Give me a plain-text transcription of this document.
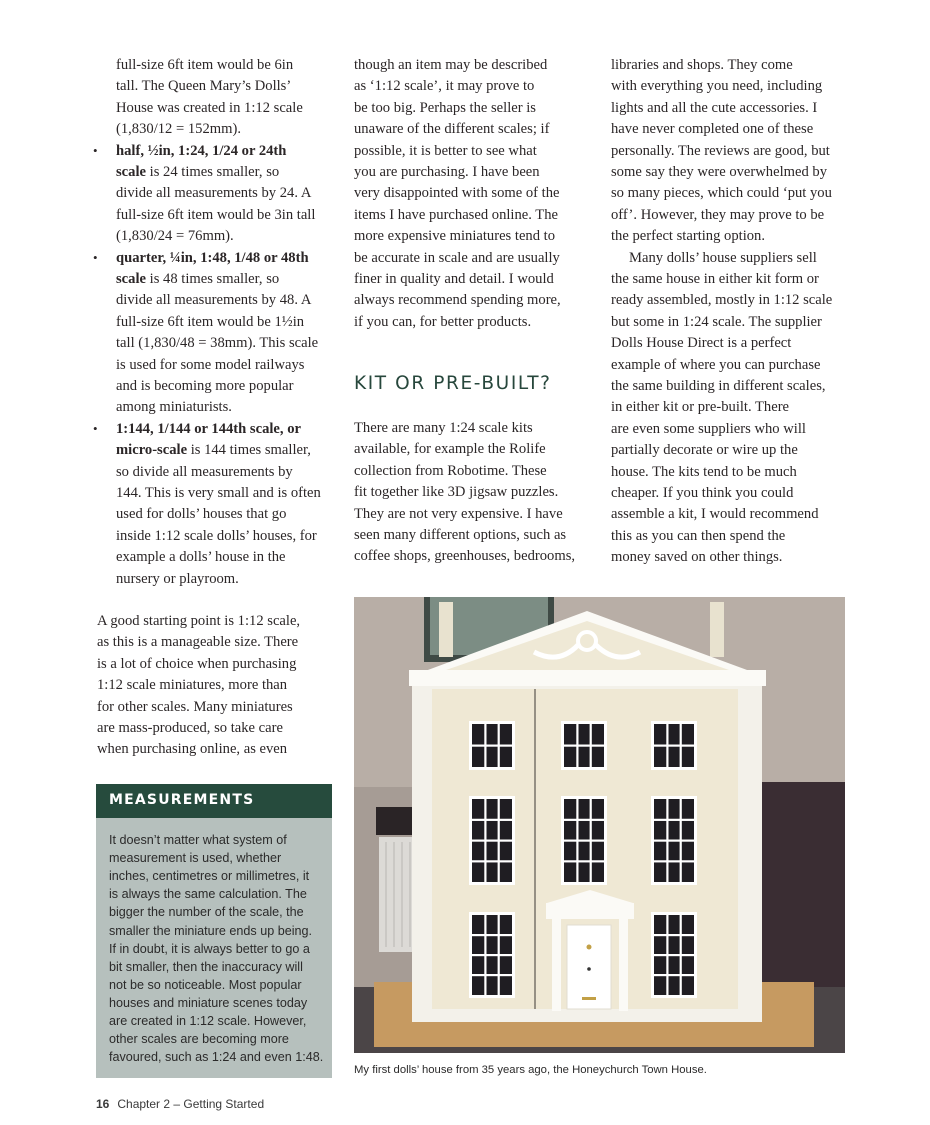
full-size 6ft item would be 6in
tall. The Queen Mary’s Dolls’
House was created in 1:12 scale
(1,830/12 = 152mm).
• half, ½in, 1:24, 1/24 or 24th
scale is 24 times smaller, so
divide all measurements by 24. A
full-size 6ft item would be 3in tall
(1,830/24 = 76mm).
• quarter, ¼in, 1:48, 1/48 or 48th
scale is 48 times smaller, so
divide all measurements by 48. A
full-size 6ft item would be 1½in
tall (1,830/48 = 38mm). This scale
is used for some model railways
and is becoming more popular
among miniaturists.
• 1:144, 1/144 or 144th scale, or
micro-scale is 144 times smaller,
so divide all measurements by
144. This is very small and is often
used for dolls’ houses that go
inside 1:12 scale dolls’ houses, for
example a dolls’ house in the
nursery or playroom.
A good starting point is 1:12 scale,
as this is a manageable size. There
is a lot of choice when purchasing
1:12 scale miniatures, more than
for other scales. Many miniatures
are mass-produced, so take care
when purchasing online, as even
though an item may be described
as ‘1:12 scale’, it may prove to
be too big. Perhaps the seller is
unaware of the different scales; if
possible, it is better to see what
you are purchasing. I have been
very disappointed with some of the
items I have purchased online. The
more expensive miniatures tend to
be accurate in scale and are usually
finer in quality and detail. I would
always recommend spending more,
if you can, for better products.
There are many 1:24 scale kits
available, for example the Rolife
collection from Robotime. These
fit together like 3D jigsaw puzzles.
They are not very expensive. I have
seen many different options, such as
coffee shops, greenhouses, bedrooms,
libraries and shops. They come
with everything you need, including
lights and all the cute accessories. I
have never completed one of these
personally. The reviews are good, but
some say they were overwhelmed by
so many pieces, which could ‘put you
off’. However, they may prove to be
the perfect starting option.
Many dolls’ house suppliers sell
the same house in either kit form or
ready assembled, mostly in 1:12 scale
but some in 1:24 scale. The supplier
Dolls House Direct is a perfect
example of where you can purchase
the same building in different scales,
in either kit or pre-built. There
are even some suppliers who will
partially decorate or wire up the
house. The kits tend to be much
cheaper. If you think you could
assemble a kit, I would recommend
this as you can then spend the
money saved on other things.
KIT OR PRE-BUILT?
MEASUREMENTS
It doesn’t matter what system of
measurement is used, whether
inches, centimetres or millimetres, it
is always the same calculation. The
bigger the number of the scale, the
smaller the miniature ends up being.
If in doubt, it is always better to go a
bit smaller, then the inaccuracy will
not be so noticeable. Most popular
houses and miniature scenes today
are created in 1:12 scale. However,
other scales are becoming more
favoured, such as 1:24 and even 1:48.
My first dolls’ house from 35 years ago, the Honeychurch Town House.
16 Chapter 2 – Getting Started
